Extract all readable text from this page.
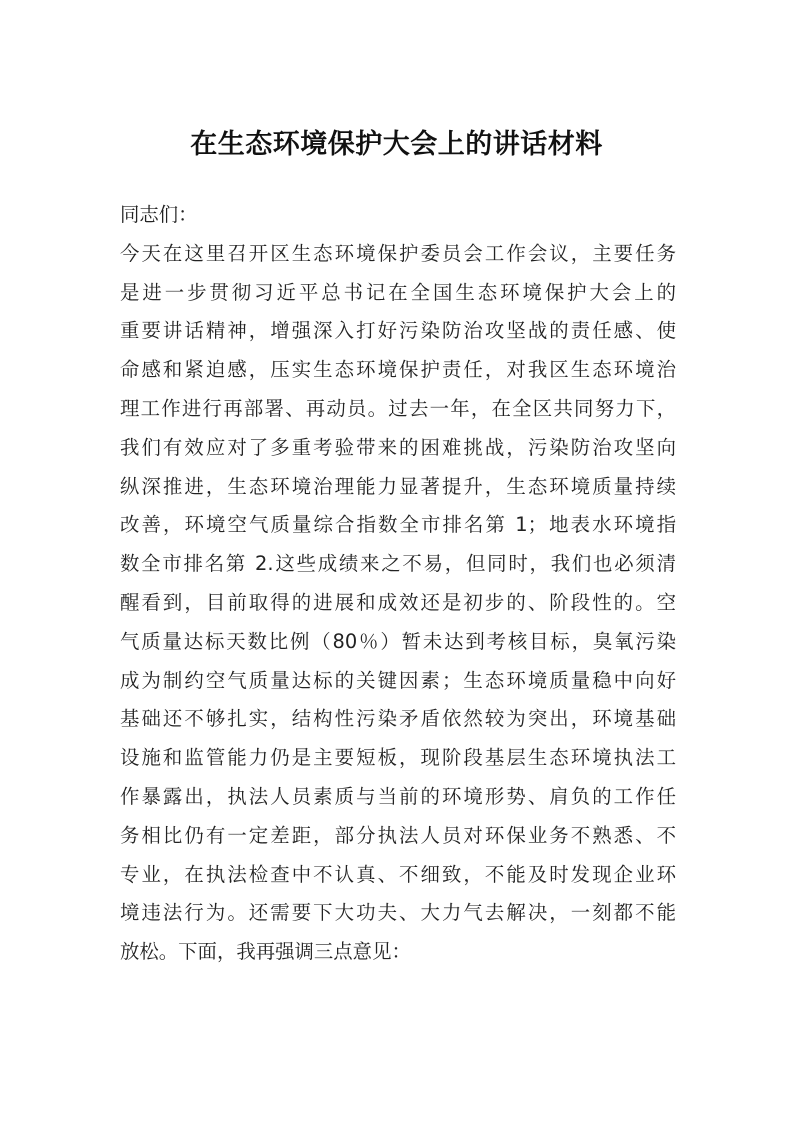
在生态环境保护大会上的讲话材料
同志们：
今天在这里召开区生态环境保护委员会工作会议，主要任务
是进一步贯彻习近平总书记在全国生态环境保护大会上的
重要讲话精神，增强深入打好污染防治攻坚战的责任感、使
命感和紧迫感，压实生态环境保护责任，对我区生态环境治
理工作进行再部署、再动员。过去一年，在全区共同努力下，
我们有效应对了多重考验带来的困难挑战，污染防治攻坚向
纵深推进，生态环境治理能力显著提升，生态环境质量持续
改善，环境空气质量综合指数全市排名第 1；地表水环境指
数全市排名第 2.这些成绩来之不易，但同时，我们也必须清
醒看到，目前取得的进展和成效还是初步的、阶段性的。空
气质量达标天数比例（80％）暂未达到考核目标，臭氧污染
成为制约空气质量达标的关键因素；生态环境质量稳中向好
基础还不够扎实，结构性污染矛盾依然较为突出，环境基础
设施和监管能力仍是主要短板，现阶段基层生态环境执法工
作暴露出，执法人员素质与当前的环境形势、肩负的工作任
务相比仍有一定差距，部分执法人员对环保业务不熟悉、不
专业，在执法检查中不认真、不细致，不能及时发现企业环
境违法行为。还需要下大功夫、大力气去解决，一刻都不能
放松。下面，我再强调三点意见：
